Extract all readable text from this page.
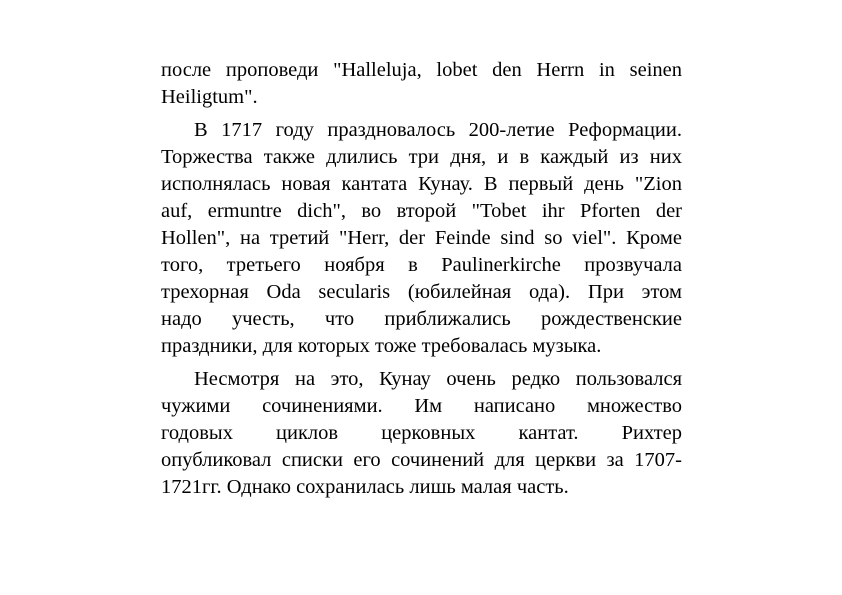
после проповеди "Halleluja, lobet den Herrn in seinen
Heiligtum".
В 1717 году праздновалось 200-летие Реформации.
Торжества также длились три дня, и в каждый из них
исполнялась новая кантата Кунау. В первый день "Zion
auf, ermuntre dich", во второй "Tobet ihr Pforten der
Hollen", на третий "Herr, der Feinde sind so viel". Кроме
того, третьего ноября в Paulinerkirche прозвучала
трехорная Oda secularis (юбилейная ода). При этом
надо учесть, что приближались рождественские
праздники, для которых тоже требовалась музыка.
Несмотря на это, Кунау очень редко пользовался
чужими сочинениями. Им написано множество
годовых циклов церковных кантат. Рихтер
опубликовал списки его сочинений для церкви за 1707-
1721гг. Однако сохранилась лишь малая часть.
